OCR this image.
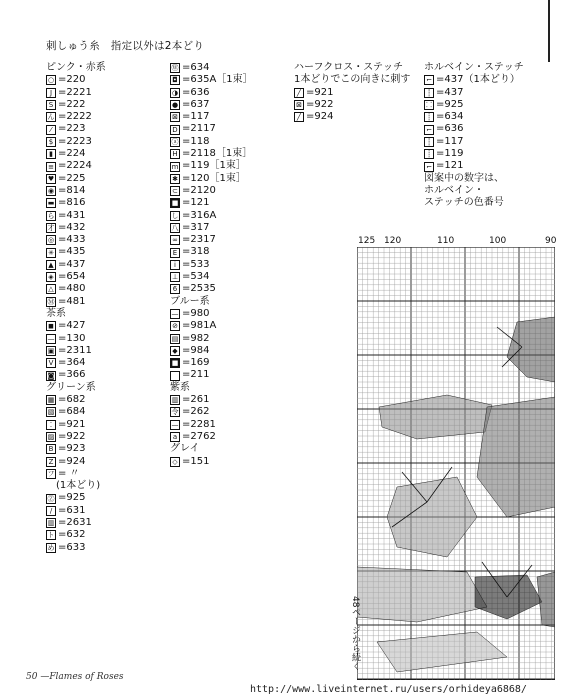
刺しゅう糸　指定以外は2本どり
ピンク・赤系
○ =220
J =2221
S =222
ん =2222
⁄ =223
$ =2223
▮ =224
≡ =2224
♥ =225
◉ =814
▬ =816
ら =431
才 =432
◎ =433
✳ =435
▲ =437
◈ =654
△ =480
Ⓜ =481
茶系
◼ =427
— =130
▣ =2311
V =364
◙ =366
グリーン系
▦ =682
▧ =684
⁚ =921
▨ =922
B =923
Z =924
フ = 〃
　(1本どり)
Ⓩ =925
/ =631
▥ =2631
ト =632
め =633
Ⓦ =634
◘ =635A［1束］
◑ =636
● =637
⊠ =117
D =2117
ⓐ =118
H =2118［1束］
m =119［1束］
✱ =120［1束］
⊂ =2120
■ =121
し =316A
八 =317
∞ =2317
E =318
i =533
⊥ =534
6 =2535
ブルー系
— =980
⊘ =981A
▤ =982
◆ =984
■ =169
=211
紫系
▥ =261
令 =262
— =2281
a =2762
グレイ
◇ =151
ハーフクロス・ステッチ
1本どりでこの向きに刺す
╱ =921
⊠ =922
╱ =924
ホルベイン・ステッチ
⌐ =437（1本どり）
┆ =437
⸬ =925
┊ =634
⌐ =636
┆ =117
┊ =119
⌐ =121
図案中の数字は、
ホルベイン・
ステッチの色番号
125 120	110	100	90
48ページから続く
50 —Flames of Roses
http://www.liveinternet.ru/users/orhideya6868/
